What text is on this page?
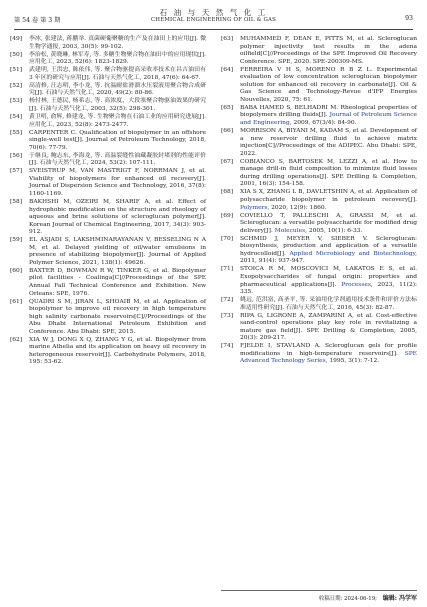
第 54 卷 第 3 期
石 油 与 天 然 气 化 工
CHEMICAL ENGINEERING OF OIL & GAS	93
[49]	李冰, 张建法, 蒋鹏举. 真菌硬葡聚糖的生产及在油田上的应用[J]. 微生物学通报, 2003, 30(5): 99-102.
[50]	李治松, 黄晓琳, 林军寿, 等. 多糖生物聚合物在油田中的应用现状[J]. 应用化工, 2023, 52(6): 1823-1829.
[51]	武建明, 王洪忠, 陈依伟, 等. 聚合物驱提高采收率技术在昌吉油田有 3 年区的研究与应用[J]. 石油与天然气化工, 2018, 47(6): 64-67.
[52]	高清修, 汪志明, 李小龙, 等. 抗温耐盐滑溜水压裂液用聚合物合成研究[J]. 石油与天然气化工, 2020, 49(2): 80-86.
[53]	杨付林, 王德民, 杨希志, 等. 高浓度、大段塞聚合物驱油效果的研究[J]. 石油与天然气化工, 2003, 32(5): 298-301.
[54]	黄卫明, 俞辉, 修建龙, 等. 生物聚合物在石油工业的应用研究进展[J]. 应用化工, 2023, 52(8): 2473-2477.
[55]	CARPENTER C. Qualification of biopolymer in an offshore single-well test[J]. Journal of Petroleum Technology, 2018, 70(6): 77-79.
[56]	于继良, 鲍志东, 李海龙, 等. 高温裂缝性油藏凝胶封堵剂的性能评价[J]. 石油与天然气化工, 2024, 53(2): 107-111.
[57]	SVEISTRUP M, VAN MASTRIGT F, NORRMAN J, et al. Viability of biopolymers for enhanced oil recovery[J]. Journal of Dispersion Science and Technology, 2016, 37(8): 1160-1169.
[58]	BAKHSHI M, OZEIRI M, SHARIF A, et al. Effect of hydrophobic modification on the structure and rheology of aqueous and brine solutions of scleroglucan polymer[J]. Korean Journal of Chemical Engineering, 2017, 34(3): 903-912.
[59]	EL ASJADI S, LAKSHMINARAYANAN V, BESSELING N A M, et al. Delayed yielding of oil/water emulsions in presence of stabilizing biopolymer[J]. Journal of Applied Polymer Science, 2021, 138(1): 49626.
[60]	BAXTER D, BOWMAN R W, TINKER G, et al. Biopolymer pilot facilities - Coalinga[C]//Proceedings of the SPE Annual Fall Technical Conference and Exhibition. New Orleans: SPE, 1976.
[61]	QUADRI S M, JIRAN L, SHOAIB M, et al. Application of biopolymer to improve oil recovery in high temperature high salinity carbonate reservoirs[C]//Proceedings of the Abu Dhabi International Petroleum Exhibition and Conference. Abu Dhabi: SPE, 2015.
[62]	XIA W J, DONG X Q, ZHANG Y G, et al. Biopolymer from marine Athelia and its application on heavy oil recovery in heterogeneous reservoir[J]. Carbohydrate Polymers, 2018, 195: 53-62.
[63]	MUHAMMED F, DEAN E, PITTS M, et al. Scleroglucan polymer injectivity test results in the adena oilfield[C]//Proceedings of the SPE Improved Oil Recovery Conference. SPE, 2020. SPE-200309-MS.
[64]	FERREIRA V H S, MORENO R B Z L. Experimental evaluation of low concentration scleroglucan biopolymer solution for enhanced oil recovery in carbonate[J]. Oil & Gas Science and Technology-Revue d'IFP Energies Nouvelles, 2020, 75: 61.
[65]	BABA HAMED S, BELHADRI M. Rheological properties of biopolymers drilling fluids[J]. Journal of Petroleum Science and Engineering, 2009, 67(3/4): 84-90.
[66]	MORRISON A, BIYANI M, KADAM S, et al. Development of a new reservoir drilling fluid to achieve matrix injection[C]//Proceedings of the ADIPEC. Abu Dhabi: SPE, 2022.
[67]	COBIANCO S, BARTOSEK M, LEZZI A, et al. How to manage drill-in fluid composition to minimize fluid losses during drilling operations[J]. SPE Drilling & Completion, 2001, 16(3): 154-158.
[68]	XIA S X, ZHANG L B, DAVLETSHIN A, et al. Application of polysaccharide biopolymer in petroleum recovery[J]. Polymers, 2020, 12(9): 1860.
[69]	COVIELLO T, PALLESCHI A, GRASSI M, et al. Scleroglucan: a versatile polysaccharide for modified drug delivery[J]. Molecules, 2005, 10(1): 6-33.
[70]	SCHMID J, MEYER V, SIEBER V. Scleroglucan: biosynthesis, production and application of a versatile hydrocolloid[J]. Applied Microbiology and Biotechnology, 2011, 91(4): 937-947.
[71]	STOICA R M, MOSCOVICI M, LAKATOS E S, et al. Exopolysaccharides of fungal origin: properties and pharmaceutical applications[J]. Processes, 2023, 11(2): 335.
[72]	姚远, 范洪富, 高圣平, 等. 采油用化学剂通用技术条件和评价方法标准适用性研究[J]. 石油与天然气化工, 2016, 45(3): 82-87.
[73]	RIPA G, LIGRONE A, ZAMPARINI A, et al. Cost-effective sand-control operations play key role in revitalizing a mature gas field[J]. SPE Drilling & Completion, 2005, 20(3): 209-217.
[74]	FJELDE I, STAVLAND A. Scleroglucan gels for profile modifications in high-temperature reservoirs[J]. SPE Advanced Technology Series, 1995, 3(1): 7-12.
收稿日期: 2024-06-19; 编辑: 冯学军
